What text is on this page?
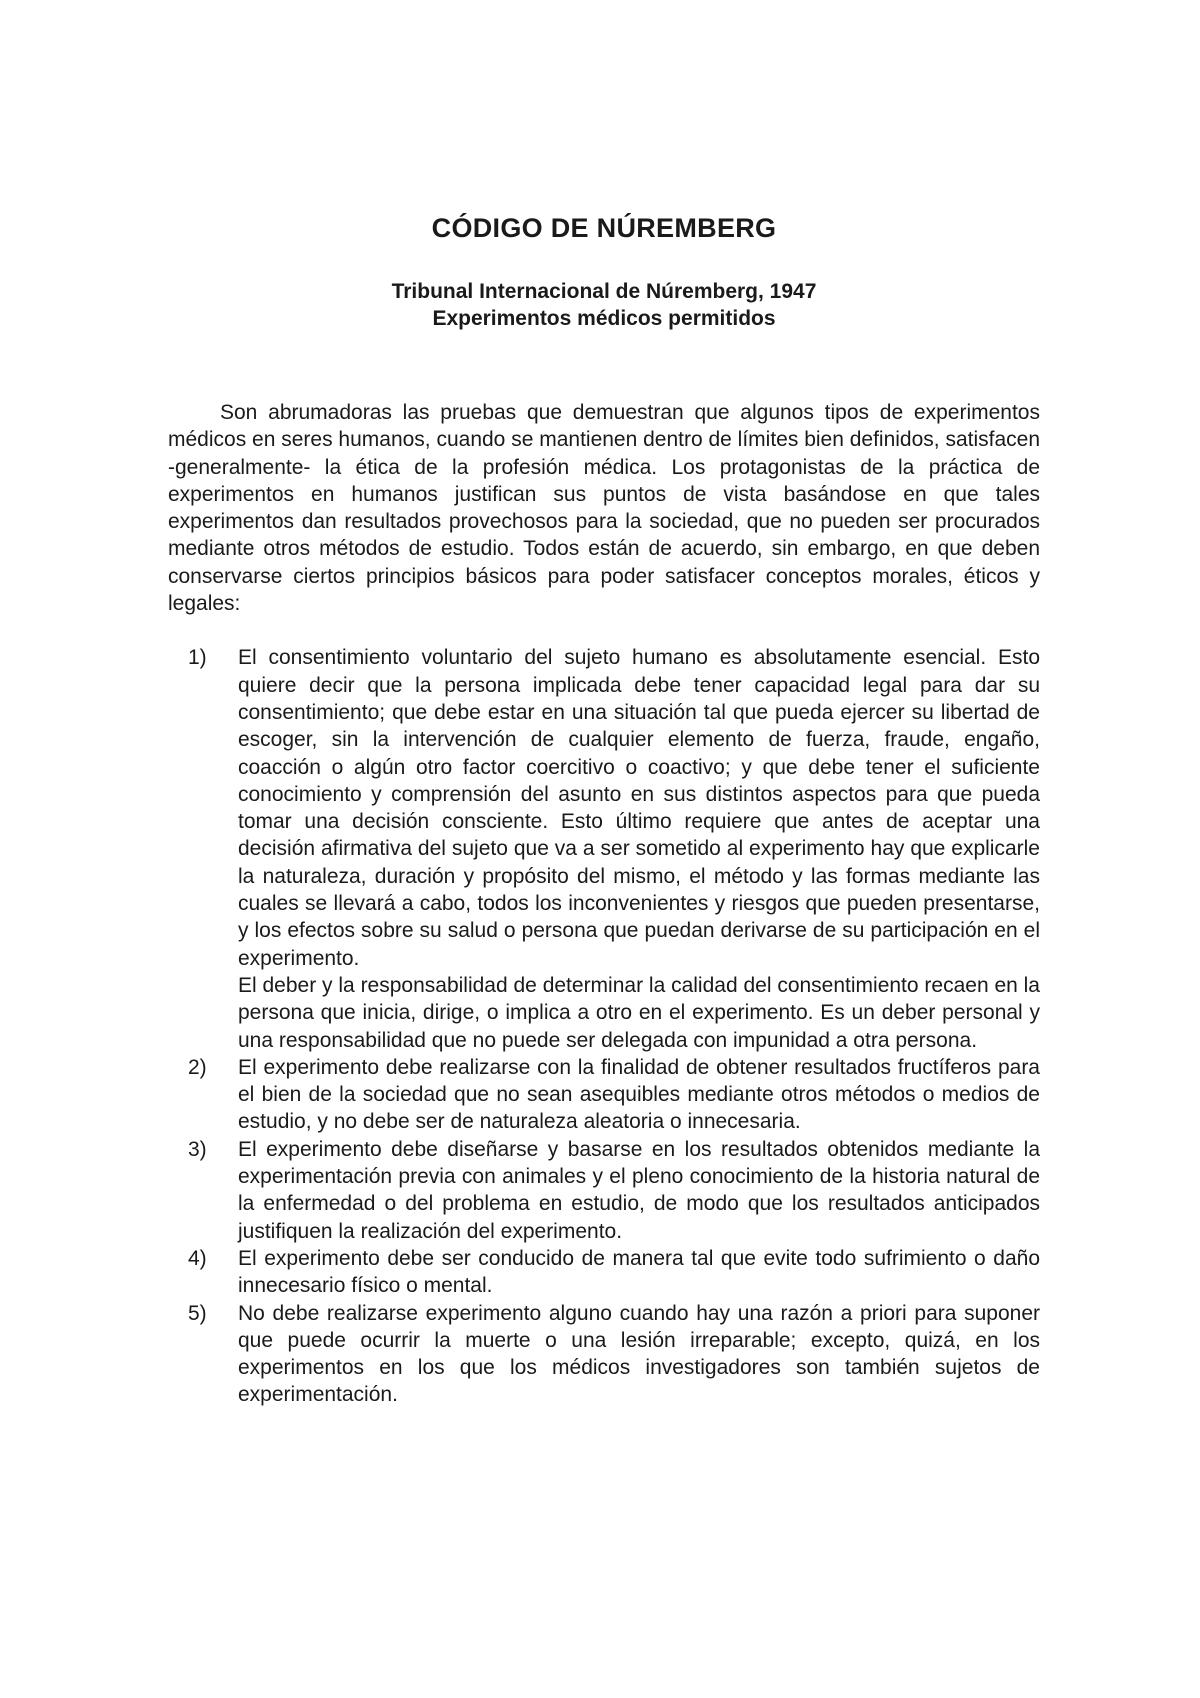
CÓDIGO DE NÚREMBERG
Tribunal Internacional de Núremberg, 1947
Experimentos médicos permitidos

Son abrumadoras las pruebas que demuestran que algunos tipos de experimentos médicos en seres humanos, cuando se mantienen dentro de límites bien definidos, satisfacen -generalmente- la ética de la profesión médica. Los protagonistas de la práctica de experimentos en humanos justifican sus puntos de vista basándose en que tales experimentos dan resultados provechosos para la sociedad, que no pueden ser procurados mediante otros métodos de estudio. Todos están de acuerdo, sin embargo, en que deben conservarse ciertos principios básicos para poder satisfacer conceptos morales, éticos y legales:

1)	El consentimiento voluntario del sujeto humano es absolutamente esencial. Esto quiere decir que la persona implicada debe tener capacidad legal para dar su consentimiento; que debe estar en una situación tal que pueda ejercer su libertad de escoger, sin la intervención de cualquier elemento de fuerza, fraude, engaño, coacción o algún otro factor coercitivo o coactivo; y que debe tener el suficiente conocimiento y comprensión del asunto en sus distintos aspectos para que pueda tomar una decisión consciente. Esto último requiere que antes de aceptar una decisión afirmativa del sujeto que va a ser sometido al experimento hay que explicarle la naturaleza, duración y propósito del mismo, el método y las formas mediante las cuales se llevará a cabo, todos los inconvenientes y riesgos que pueden presentarse, y los efectos sobre su salud o persona que puedan derivarse de su participación en el experimento.

El deber y la responsabilidad de determinar la calidad del consentimiento recaen en la persona que inicia, dirige, o implica a otro en el experimento. Es un deber personal y una responsabilidad que no puede ser delegada con impunidad a otra persona.

2)	El experimento debe realizarse con la finalidad de obtener resultados fructíferos para el bien de la sociedad que no sean asequibles mediante otros métodos o medios de estudio, y no debe ser de naturaleza aleatoria o innecesaria.

3)	El experimento debe diseñarse y basarse en los resultados obtenidos mediante la experimentación previa con animales y el pleno conocimiento de la historia natural de la enfermedad o del problema en estudio, de modo que los resultados anticipados justifiquen la realización del experimento.

4)	El experimento debe ser conducido de manera tal que evite todo sufrimiento o daño innecesario físico o mental.

5)	No debe realizarse experimento alguno cuando hay una razón a priori para suponer que puede ocurrir la muerte o una lesión irreparable; excepto, quizá, en los experimentos en los que los médicos investigadores son también sujetos de experimentación.
